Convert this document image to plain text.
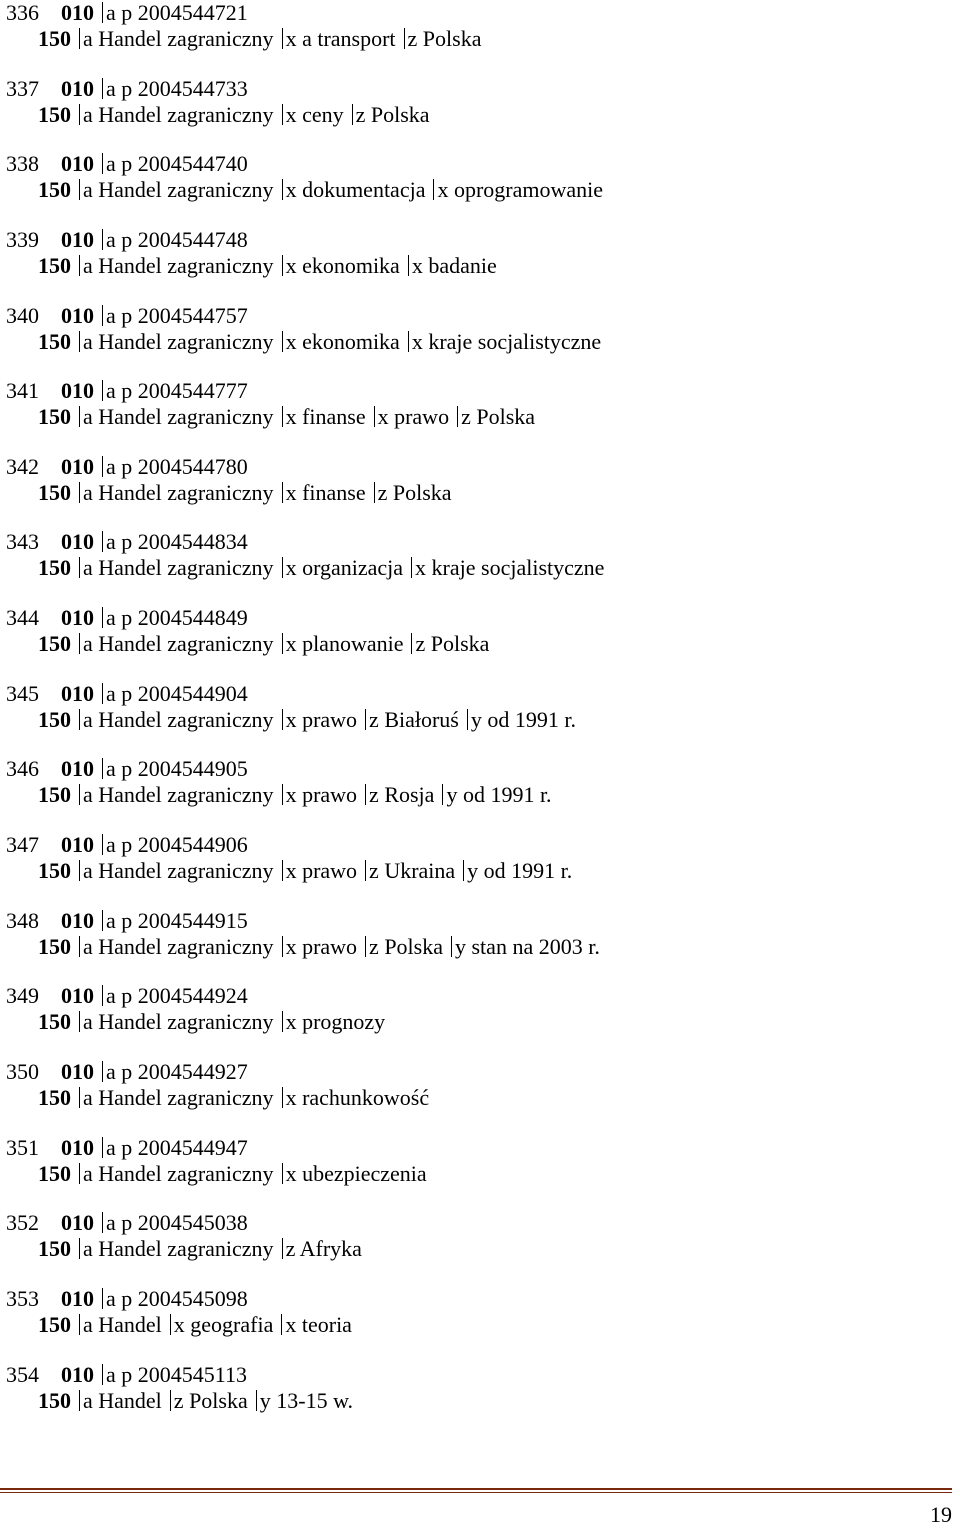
336 010 a p 2004544721
150 a Handel zagraniczny x a transport z Polska
337 010 a p 2004544733
150 a Handel zagraniczny x ceny z Polska
338 010 a p 2004544740
150 a Handel zagraniczny x dokumentacja x oprogramowanie
339 010 a p 2004544748
150 a Handel zagraniczny x ekonomika x badanie
340 010 a p 2004544757
150 a Handel zagraniczny x ekonomika x kraje socjalistyczne
341 010 a p 2004544777
150 a Handel zagraniczny x finanse x prawo z Polska
342 010 a p 2004544780
150 a Handel zagraniczny x finanse z Polska
343 010 a p 2004544834
150 a Handel zagraniczny x organizacja x kraje socjalistyczne
344 010 a p 2004544849
150 a Handel zagraniczny x planowanie z Polska
345 010 a p 2004544904
150 a Handel zagraniczny x prawo z Białoruś y od 1991 r.
346 010 a p 2004544905
150 a Handel zagraniczny x prawo z Rosja y od 1991 r.
347 010 a p 2004544906
150 a Handel zagraniczny x prawo z Ukraina y od 1991 r.
348 010 a p 2004544915
150 a Handel zagraniczny x prawo z Polska y stan na 2003 r.
349 010 a p 2004544924
150 a Handel zagraniczny x prognozy
350 010 a p 2004544927
150 a Handel zagraniczny x rachunkowość
351 010 a p 2004544947
150 a Handel zagraniczny x ubezpieczenia
352 010 a p 2004545038
150 a Handel zagraniczny z Afryka
353 010 a p 2004545098
150 a Handel x geografia x teoria
354 010 a p 2004545113
150 a Handel z Polska y 13-15 w.
19
